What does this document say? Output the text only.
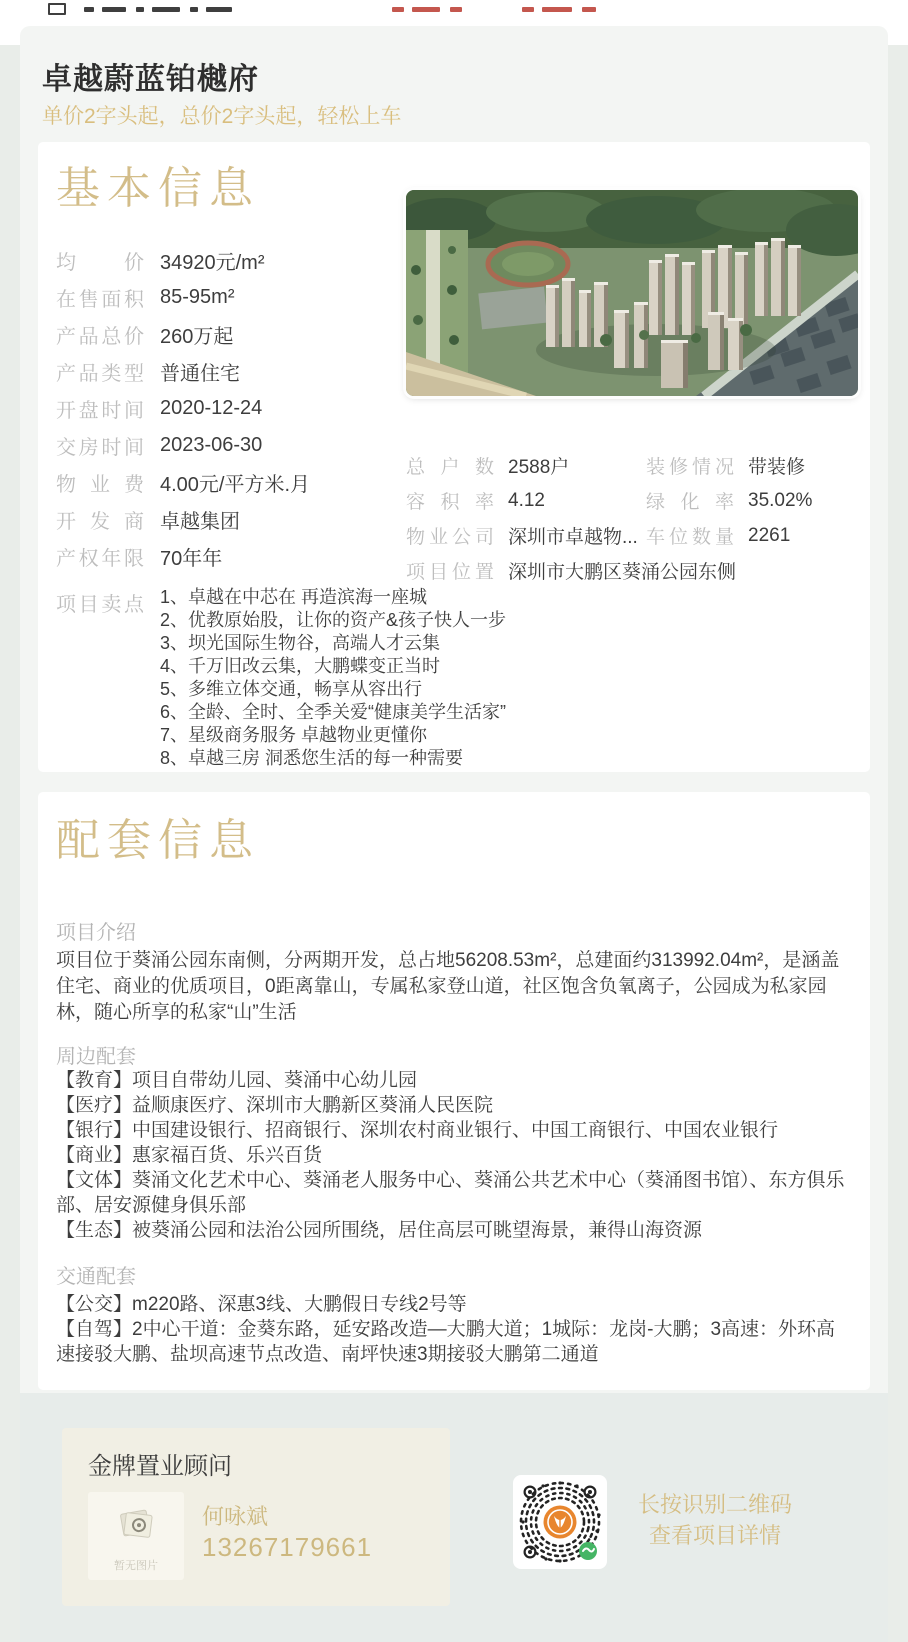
卓越蔚蓝铂樾府
单价2字头起，总价2字头起，轻松上车
基本信息
均价 34920元/m²
在售面积 85-95m²
产品总价 260万起
产品类型 普通住宅
开盘时间 2020-12-24
交房时间 2023-06-30
物业费 4.00元/平方米.月
开发商 卓越集团
产权年限 70年年
总户数 2588户	装修情况 带装修
容积率 4.12	绿化率 35.02%
物业公司 深圳市卓越物... 车位数量 2261
项目位置 深圳市大鹏区葵涌公园东侧
项目卖点 1、卓越在中芯在 再造滨海一座城
2、优教原始股，让你的资产&孩子快人一步
3、坝光国际生物谷，高端人才云集
4、千万旧改云集，大鹏蝶变正当时
5、多维立体交通，畅享从容出行
6、全龄、全时、全季关爱“健康美学生活家”
7、星级商务服务 卓越物业更懂你
8、卓越三房 洞悉您生活的每一种需要
配套信息
项目介绍
项目位于葵涌公园东南侧，分两期开发，总占地56208.53m²，总建面约313992.04m²，是涵盖住宅、商业的优质项目，0距离靠山，专属私家登山道，社区饱含负氧离子，公园成为私家园林，随心所享的私家“山”生活
周边配套
【教育】项目自带幼儿园、葵涌中心幼儿园
【医疗】益顺康医疗、深圳市大鹏新区葵涌人民医院
【银行】中国建设银行、招商银行、深圳农村商业银行、中国工商银行、中国农业银行
【商业】惠家福百货、乐兴百货
【文体】葵涌文化艺术中心、葵涌老人服务中心、葵涌公共艺术中心（葵涌图书馆）、东方俱乐部、居安源健身俱乐部
【生态】被葵涌公园和法治公园所围绕，居住高层可眺望海景，兼得山海资源
交通配套
【公交】m220路、深惠3线、大鹏假日专线2号等
【自驾】2中心干道：金葵东路，延安路改造—大鹏大道；1城际：龙岗-大鹏；3高速：外环高速接驳大鹏、盐坝高速节点改造、南坪快速3期接驳大鹏第二通道
金牌置业顾问
暂无图片
何咏斌
13267179661
长按识别二维码
查看项目详情
